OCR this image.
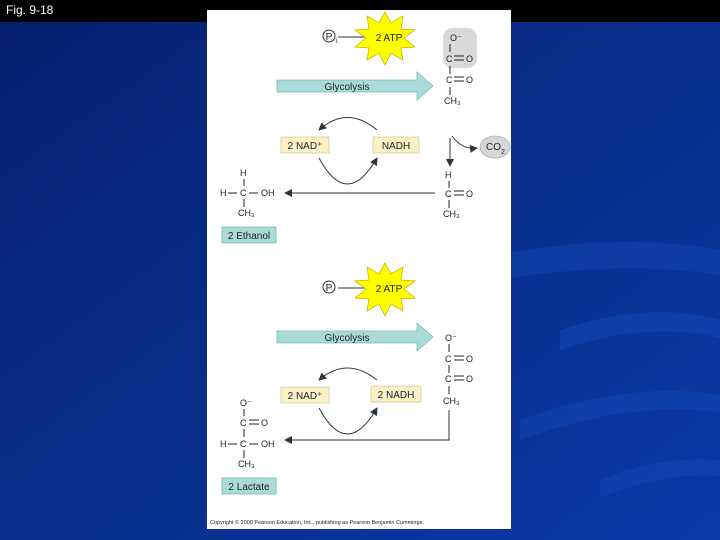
Fig. 9-18
P i	2 ATP
Glycolysis
O⁻
C O
C O
CH₃
CO 2
2 NAD⁺	NADH
H
C O
CH₃
H
H C OH
CH₃
2 Ethanol
P	2 ATP
Glycolysis	O⁻
C O
C O
CH₃
2 NAD⁺	2 NADH
O⁻
C O
H C OH
CH₃
2 Lactate
Copyright © 2008 Pearson Education, Inc., publishing as Pearson Benjamin Cummings.
